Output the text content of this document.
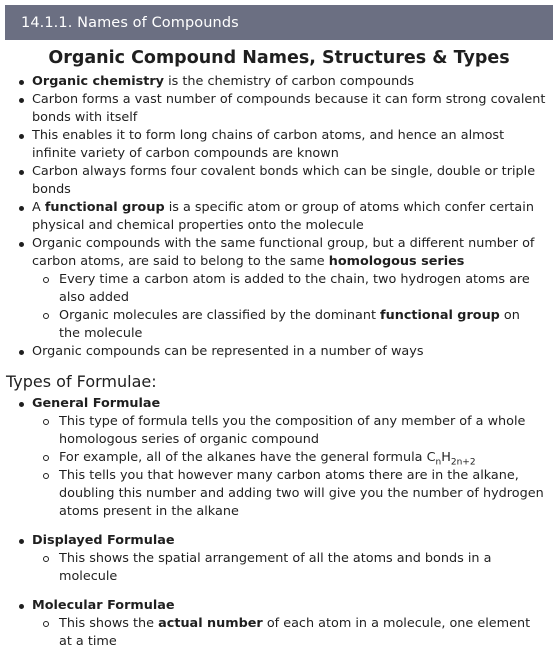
14.1.1. Names of Compounds
Organic Compound Names, Structures & Types
Organic chemistry is the chemistry of carbon compounds
Carbon forms a vast number of compounds because it can form strong covalent bonds with itself
This enables it to form long chains of carbon atoms, and hence an almost infinite variety of carbon compounds are known
Carbon always forms four covalent bonds which can be single, double or triple bonds
A functional group is a specific atom or group of atoms which confer certain physical and chemical properties onto the molecule
Organic compounds with the same functional group, but a different number of carbon atoms, are said to belong to the same homologous series
Every time a carbon atom is added to the chain, two hydrogen atoms are also added
Organic molecules are classified by the dominant functional group on the molecule
Organic compounds can be represented in a number of ways
Types of Formulae:
General Formulae
This type of formula tells you the composition of any member of a whole homologous series of organic compound
For example, all of the alkanes have the general formula $C_nH_{2n+2}$
This tells you that however many carbon atoms there are in the alkane, doubling this number and adding two will give you the number of hydrogen atoms present in the alkane
Displayed Formulae
This shows the spatial arrangement of all the atoms and bonds in a molecule
Molecular Formulae
This shows the actual number of each atom in a molecule, one element at a time
